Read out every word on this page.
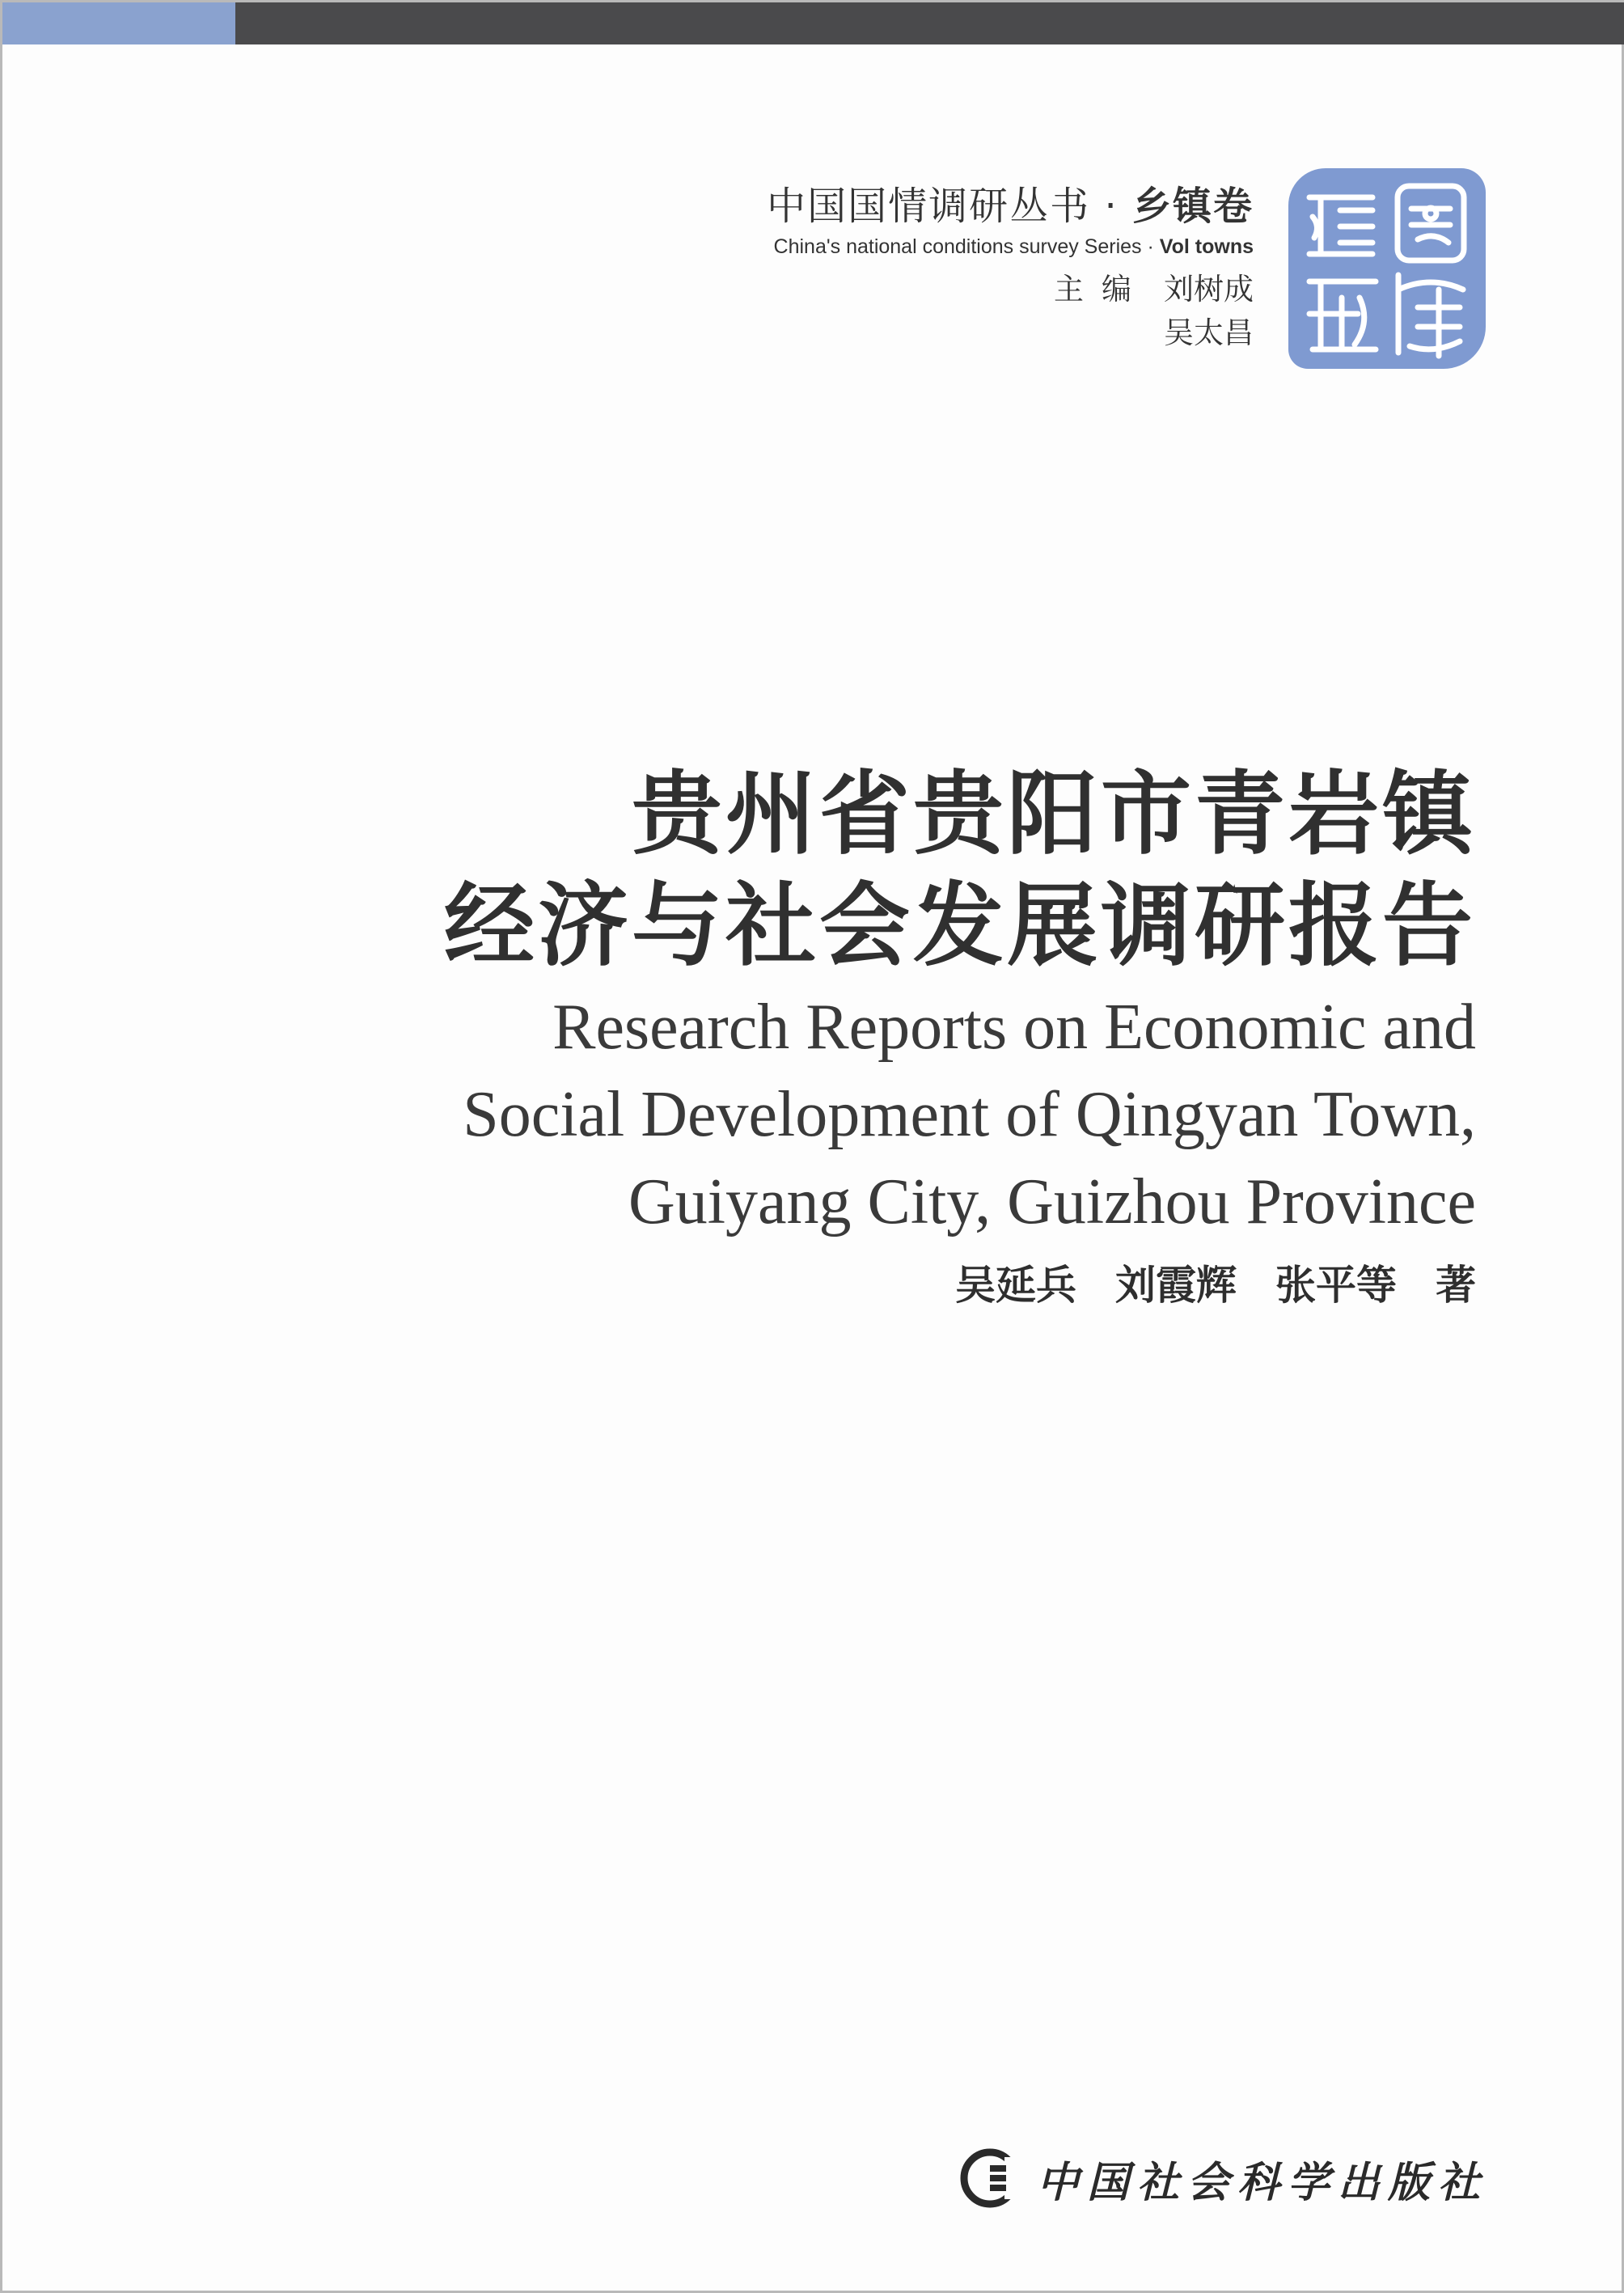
中国国情调研丛书 · 乡镇卷
China's national conditions survey Series · Vol towns
主编 刘树成
吴太昌
贵州省贵阳市青岩镇
经济与社会发展调研报告
Research Reports on Economic and
Social Development of Qingyan Town,
Guiyang City, Guizhou Province
吴延兵 刘霞辉 张平等 著
中国社会科学出版社
